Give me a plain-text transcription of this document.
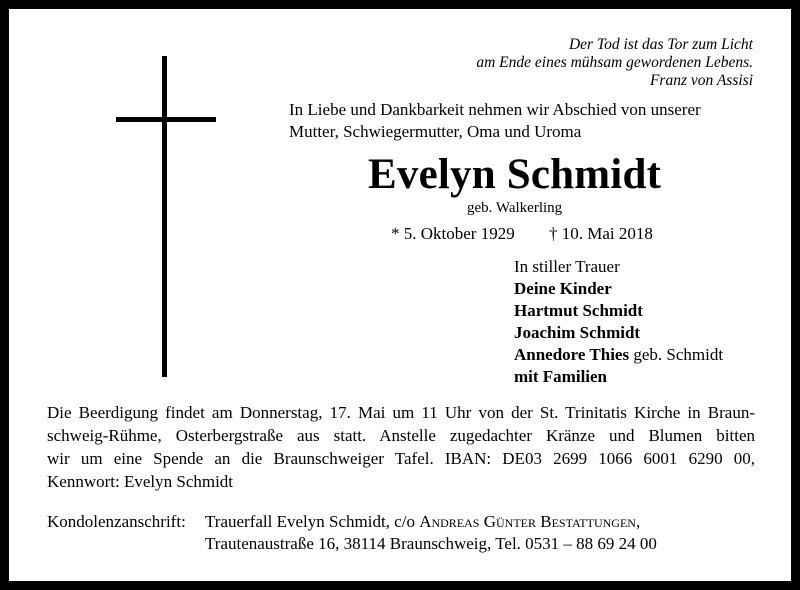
Der Tod ist das Tor zum Licht
am Ende eines mühsam gewordenen Lebens.
Franz von Assisi
In Liebe und Dankbarkeit nehmen wir Abschied von unserer
Mutter, Schwiegermutter, Oma und Uroma
Evelyn Schmidt
geb. Walkerling
* 5. Oktober 1929 † 10. Mai 2018
In stiller Trauer
Deine Kinder
Hartmut Schmidt
Joachim Schmidt
Annedore Thies geb. Schmidt
mit Familien
Die Beerdigung findet am Donnerstag, 17. Mai um 11 Uhr von der St. Trinitatis Kirche in Braun-
schweig-Rühme, Osterbergstraße aus statt. Anstelle zugedachter Kränze und Blumen bitten
wir um eine Spende an die Braunschweiger Tafel. IBAN: DE03 2699 1066 6001 6290 00,
Kennwort: Evelyn Schmidt
Kondolenzanschrift: Trauerfall Evelyn Schmidt, c/o Andreas Günter Bestattungen,
Trautenaustraße 16, 38114 Braunschweig, Tel. 0531 – 88 69 24 00
